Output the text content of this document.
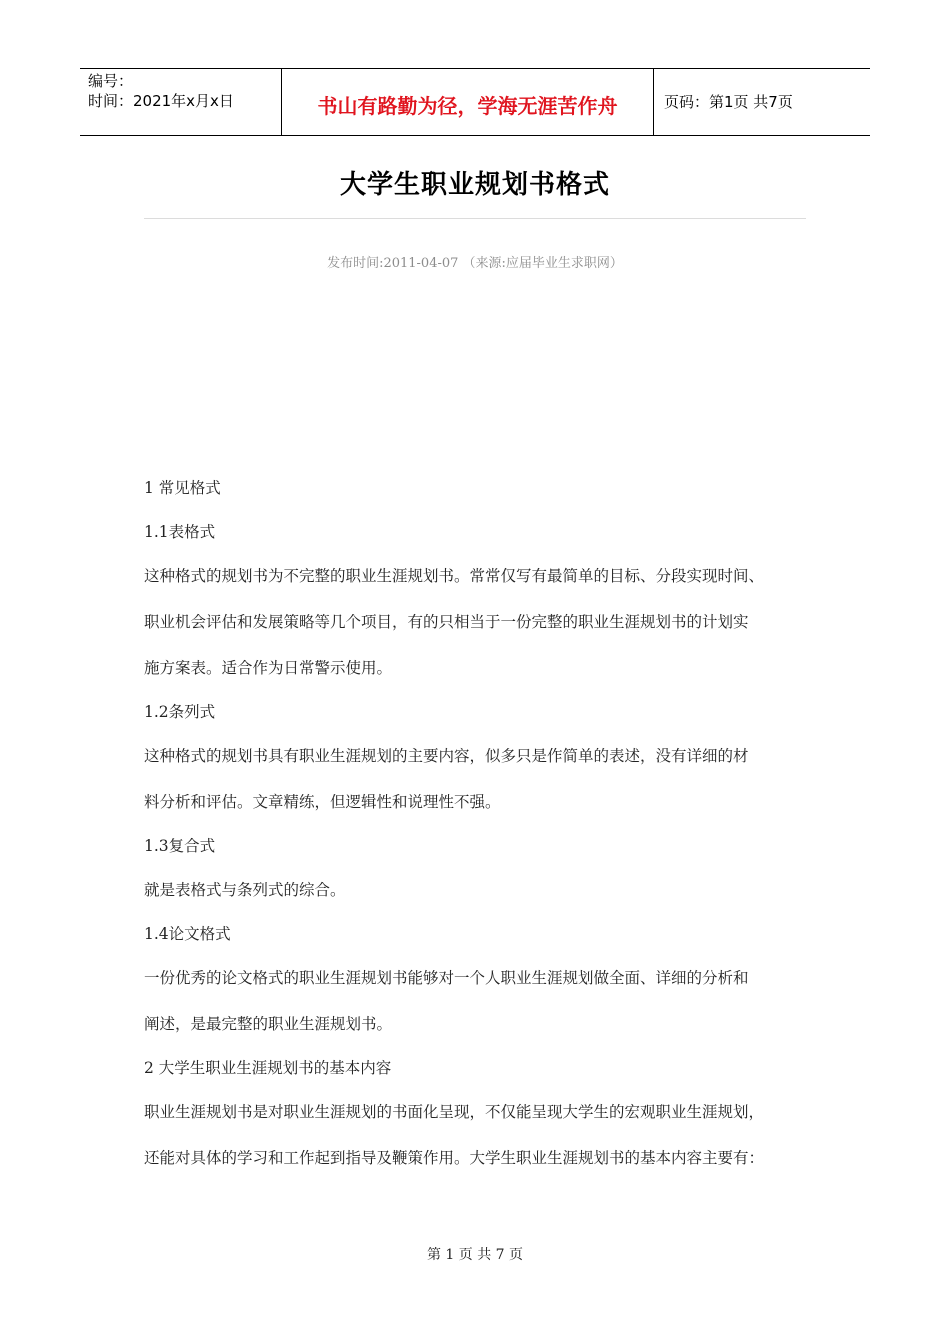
编号：
时间：2021年x月x日	书山有路勤为径，学海无涯苦作舟	页码：第1页 共7页
大学生职业规划书格式
发布时间:2011-04-07 （来源:应届毕业生求职网）

1 常见格式

1.1表格式

这种格式的规划书为不完整的职业生涯规划书。常常仅写有最简单的目标、分段实现时间、

职业机会评估和发展策略等几个项目，有的只相当于一份完整的职业生涯规划书的计划实

施方案表。适合作为日常警示使用。

1.2条列式

这种格式的规划书具有职业生涯规划的主要内容，似多只是作简单的表述，没有详细的材

料分析和评估。文章精练，但逻辑性和说理性不强。

1.3复合式

就是表格式与条列式的综合。

1.4论文格式

一份优秀的论文格式的职业生涯规划书能够对一个人职业生涯规划做全面、详细的分析和

阐述，是最完整的职业生涯规划书。

2 大学生职业生涯规划书的基本内容

职业生涯规划书是对职业生涯规划的书面化呈现，不仅能呈现大学生的宏观职业生涯规划，

还能对具体的学习和工作起到指导及鞭策作用。大学生职业生涯规划书的基本内容主要有：

第 1 页 共 7 页
